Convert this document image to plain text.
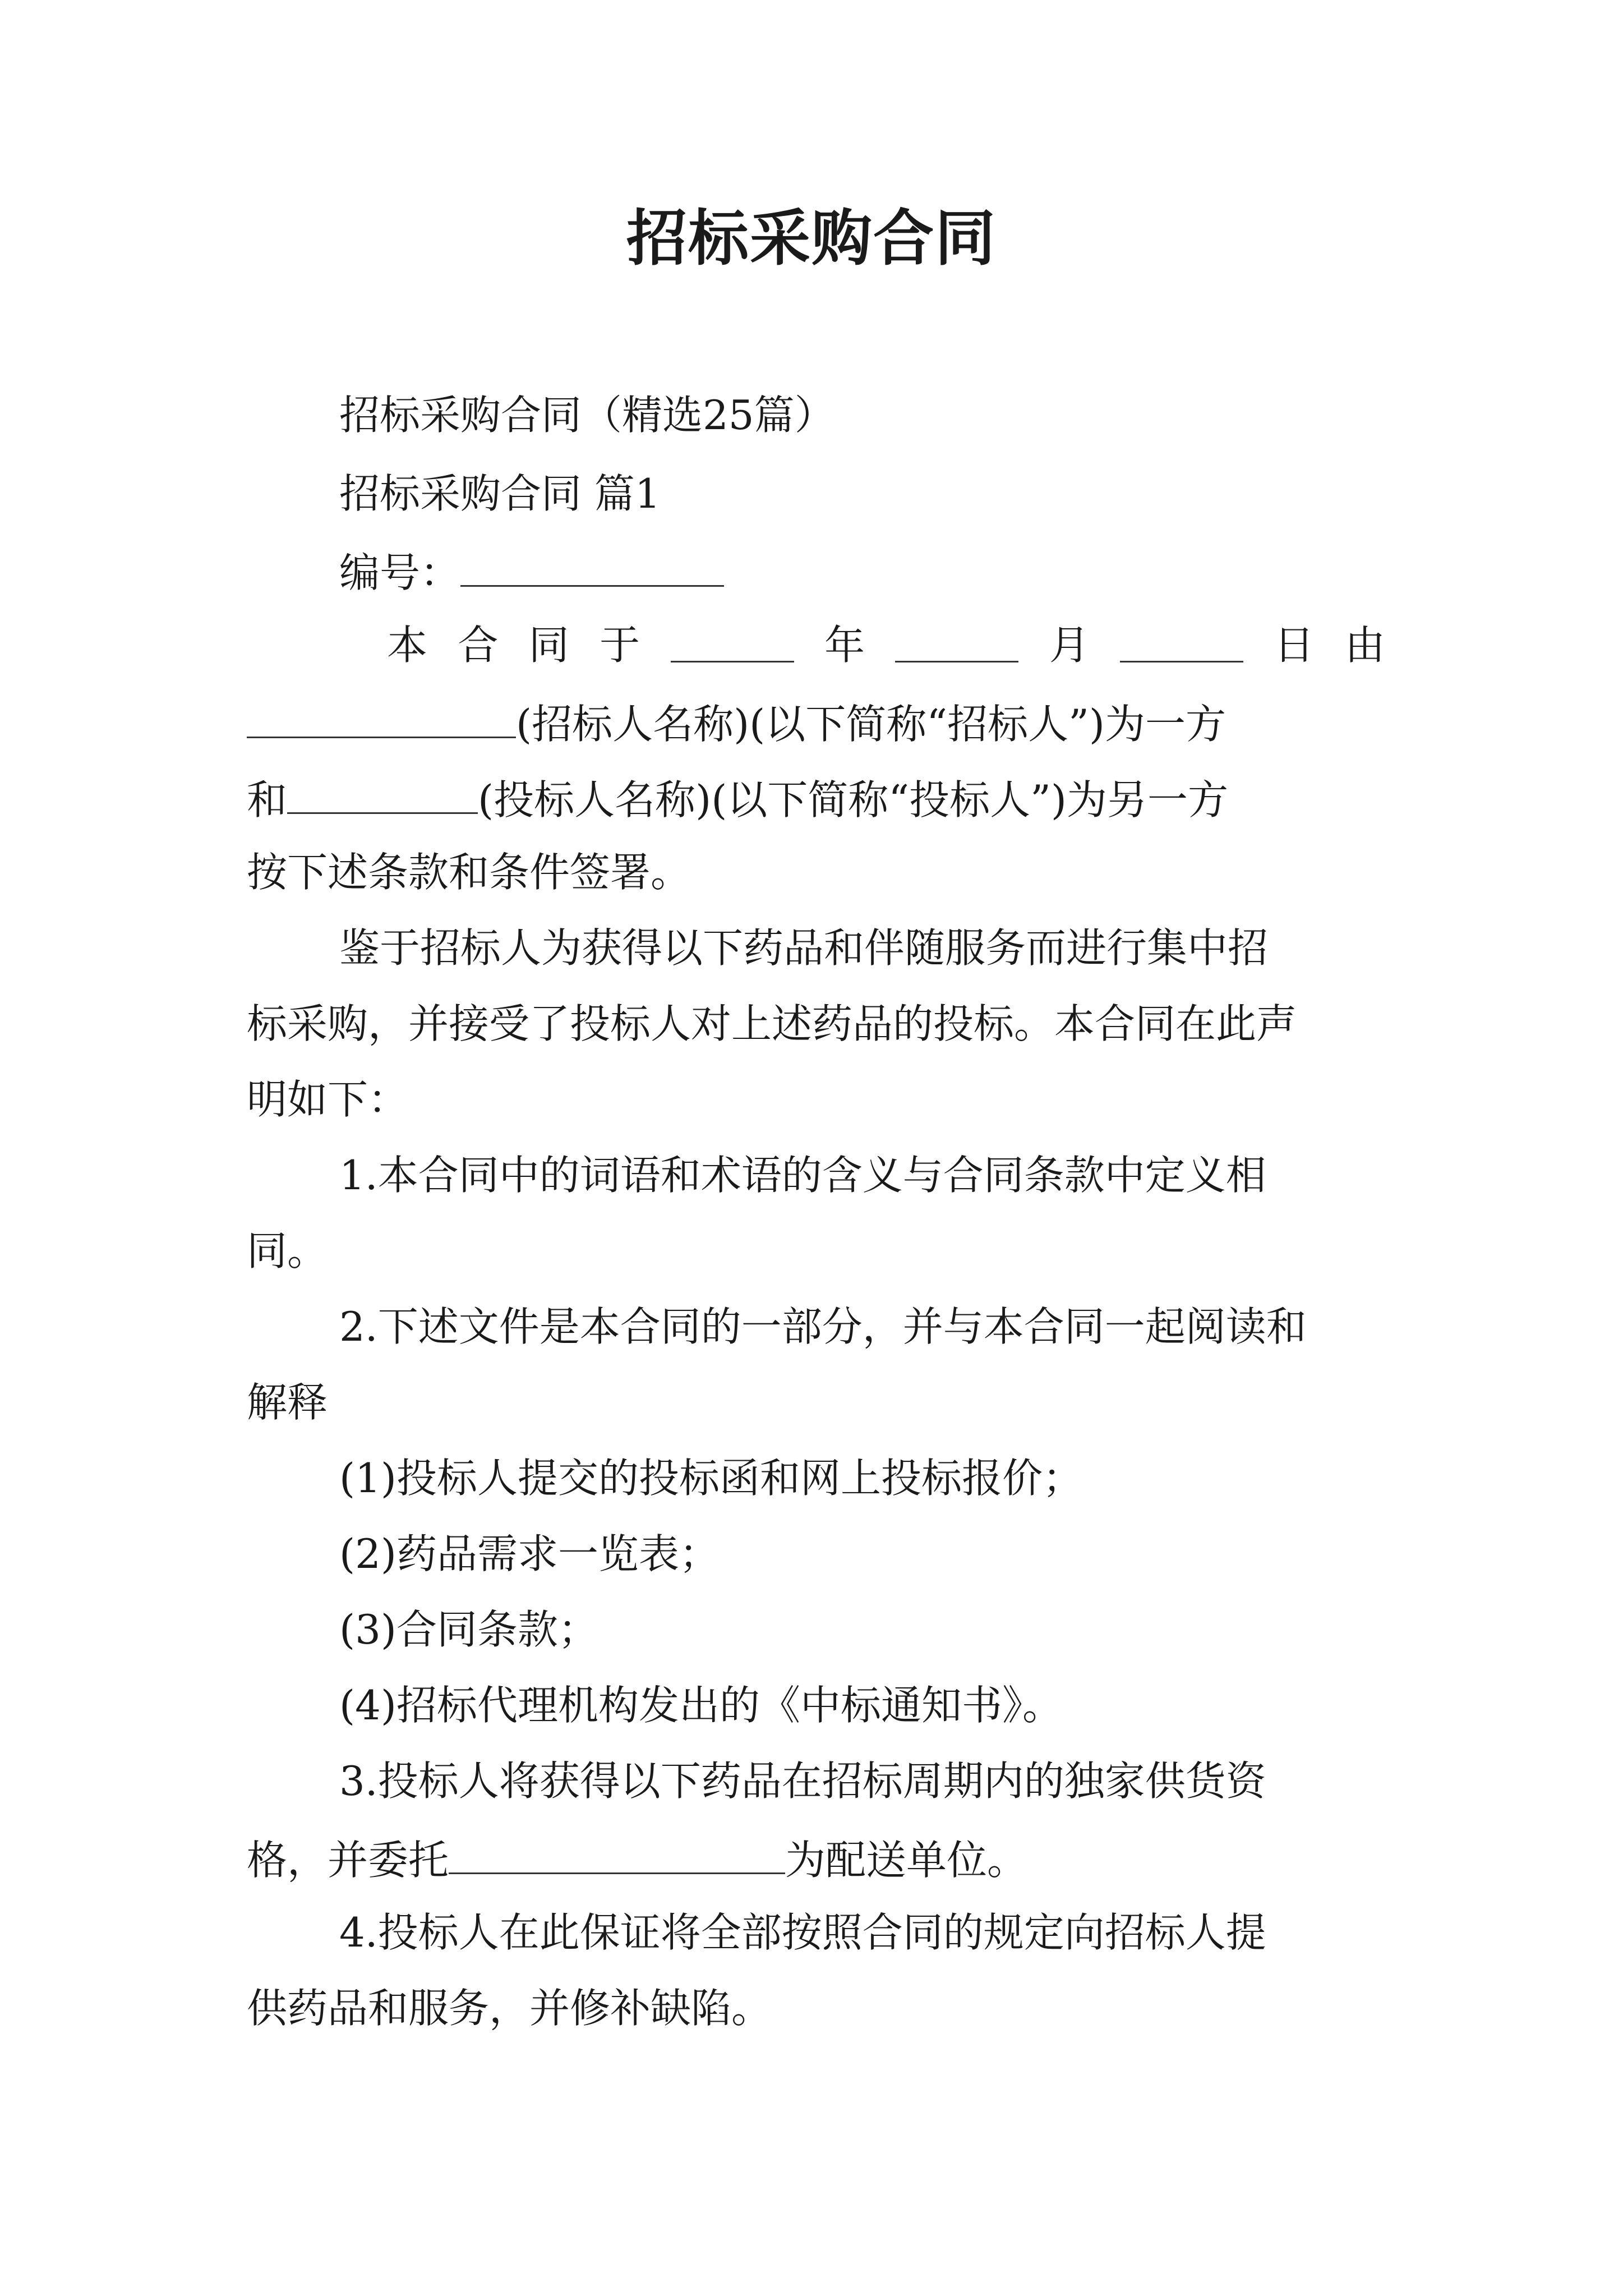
招标采购合同
招标采购合同（精选25篇）
招标采购合同 篇1
编号：
本 合 同 于	年	月	日 由
(招标人名称)(以下简称“招标人”)为一方
和	(投标人名称)(以下简称“投标人”)为另一方
按下述条款和条件签署。
鉴于招标人为获得以下药品和伴随服务而进行集中招
标采购，并接受了投标人对上述药品的投标。本合同在此声
明如下：
1.本合同中的词语和术语的含义与合同条款中定义相
同。
2.下述文件是本合同的一部分，并与本合同一起阅读和
解释
(1)投标人提交的投标函和网上投标报价；
(2)药品需求一览表；
(3)合同条款；
(4)招标代理机构发出的《中标通知书》。
3.投标人将获得以下药品在招标周期内的独家供货资
格，并委托	为配送单位。
4.投标人在此保证将全部按照合同的规定向招标人提
供药品和服务，并修补缺陷。
